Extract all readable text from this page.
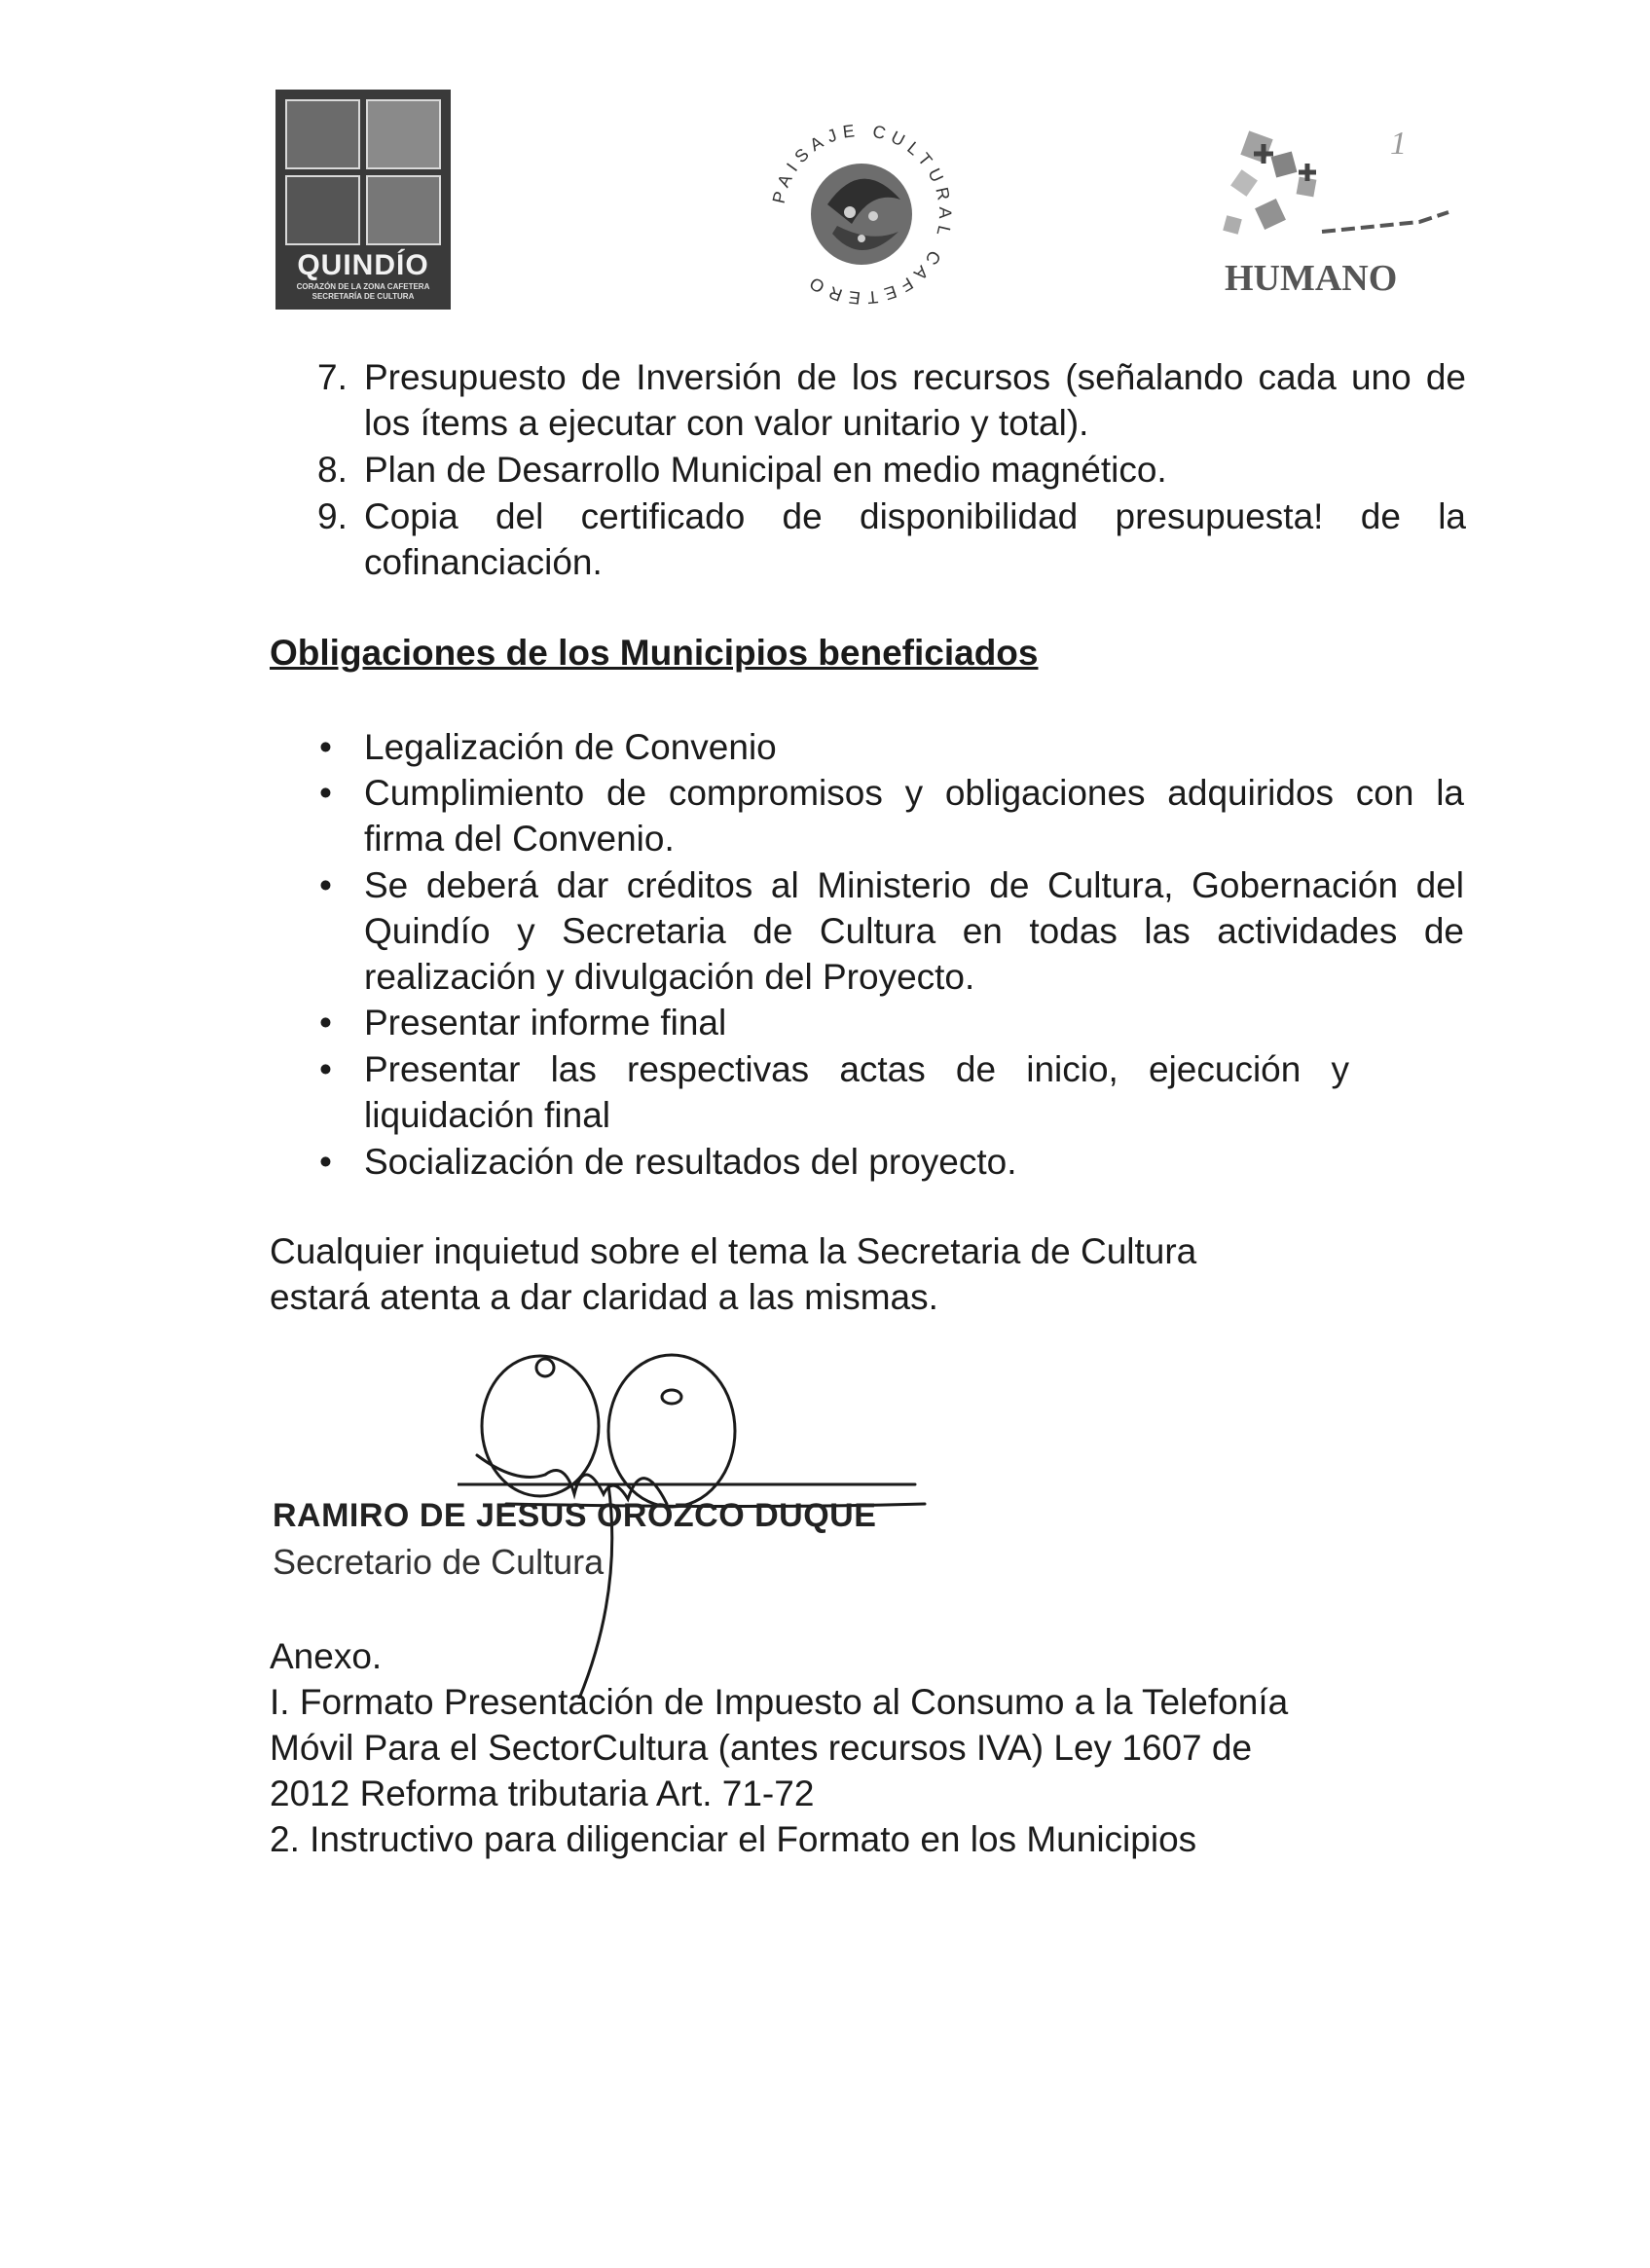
QUINDÍO
CORAZÓN DE LA ZONA CAFETERA
SECRETARÍA DE CULTURA
PAISAJE CULTURAL CAFETERO
1
HUMANO
7. Presupuesto de Inversión de los recursos (señalando cada uno de los ítems a ejecutar con valor unitario y total).
8. Plan de Desarrollo Municipal en medio magnético.
9. Copia del certificado de disponibilidad presupuesta! de la cofinanciación.
Obligaciones de los Municipios beneficiados
• Legalización de Convenio
• Cumplimiento de compromisos y obligaciones adquiridos con la firma del Convenio.
• Se deberá dar créditos al Ministerio de Cultura, Gobernación del Quindío y Secretaria de Cultura en todas las actividades de realización y divulgación del Proyecto.
• Presentar informe final
• Presentar las respectivas actas de inicio, ejecución y liquidación final
• Socialización de resultados del proyecto.
Cualquier inquietud sobre el tema la Secretaria de Cultura
estará atenta a dar claridad a las mismas.
RAMIRO DE JESUS OROZCO DUQUE
Secretario de Cultura
Anexo.
I. Formato Presentación de Impuesto al Consumo a la Telefonía
Móvil Para el SectorCultura (antes recursos IVA) Ley 1607 de
2012 Reforma tributaria Art. 71-72
2. Instructivo para diligenciar el Formato en los Municipios
